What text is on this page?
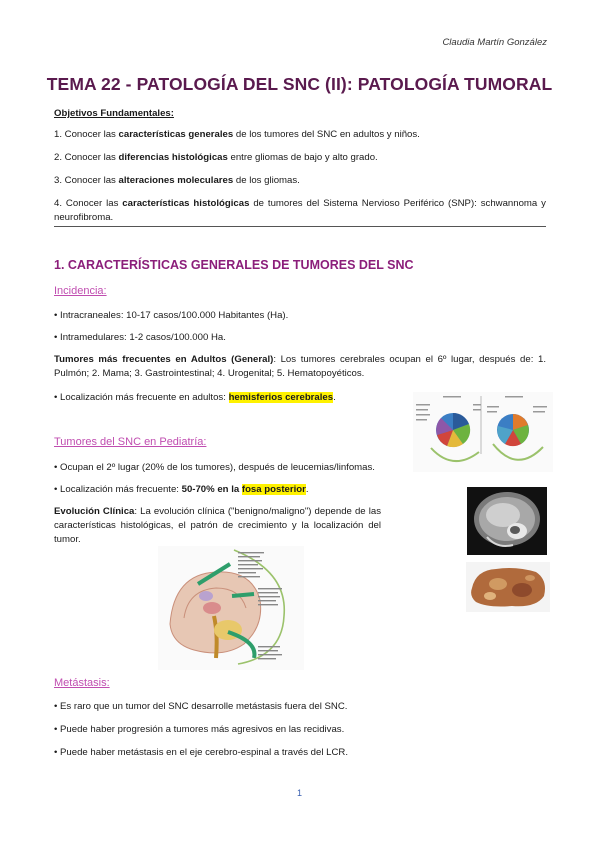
Claudia Martín González
TEMA 22 - PATOLOGÍA DEL SNC (II): PATOLOGÍA TUMORAL
Objetivos Fundamentales:
1. Conocer las características generales de los tumores del SNC en adultos y niños.
2. Conocer las diferencias histológicas entre gliomas de bajo y alto grado.
3. Conocer las alteraciones moleculares de los gliomas.
4. Conocer las características histológicas de tumores del Sistema Nervioso Periférico (SNP): schwannoma y neurofibroma.
1. CARACTERÍSTICAS GENERALES DE TUMORES DEL SNC
Incidencia:
• Intracraneales: 10-17 casos/100.000 Habitantes (Ha).
• Intramedulares: 1-2 casos/100.000 Ha.
Tumores más frecuentes en Adultos (General): Los tumores cerebrales ocupan el 6º lugar, después de: 1. Pulmón; 2. Mama; 3. Gastrointestinal; 4. Urogenital; 5. Hematopoyéticos.
• Localización más frecuente en adultos: hemisferios cerebrales.
Tumores del SNC en Pediatría:
• Ocupan el 2º lugar (20% de los tumores), después de leucemias/linfomas.
• Localización más frecuente: 50-70% en la fosa posterior.
Evolución Clínica: La evolución clínica ("benigno/maligno") depende de las características histológicas, el patrón de crecimiento y la localización del tumor.
Metástasis:
• Es raro que un tumor del SNC desarrolle metástasis fuera del SNC.
• Puede haber progresión a tumores más agresivos en las recidivas.
• Puede haber metástasis en el eje cerebro-espinal a través del LCR.
1
